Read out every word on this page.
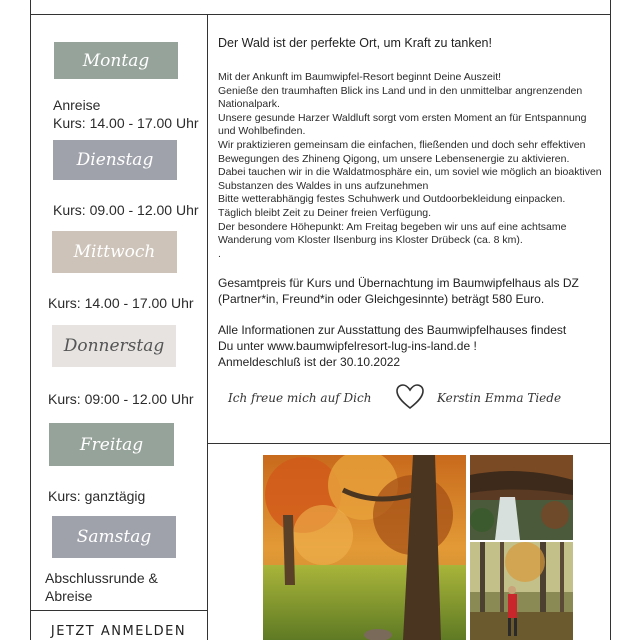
Montag
Anreise
Kurs: 14.00 - 17.00 Uhr
Dienstag
Kurs: 09.00 - 12.00 Uhr
Mittwoch
Kurs: 14.00 - 17.00 Uhr
Donnerstag
Kurs: 09:00 - 12.00 Uhr
Freitag
Kurs: ganztägig
Samstag
Abschlussrunde &
Abreise
JETZT ANMELDEN
Der Wald ist der perfekte Ort, um Kraft zu tanken!

Mit der Ankunft im Baumwipfel-Resort beginnt Deine Auszeit!

Genieße den traumhaften Blick ins Land und in den unmittelbar angrenzenden Nationalpark.

Unsere gesunde Harzer Waldluft sorgt vom ersten Moment an für Entspannung und Wohlbefinden.

Wir praktizieren gemeinsam die einfachen, fließenden und doch sehr effektiven Bewegungen des Zhineng Qigong, um unsere Lebensenergie zu aktivieren.

Dabei tauchen wir in die Waldatmosphäre ein, um soviel wie möglich an bioaktiven Substanzen des Waldes in uns aufzunehmen

Bitte wetterabhängig festes Schuhwerk und Outdoorbekleidung einpacken.

Täglich bleibt Zeit zu Deiner freien Verfügung.

Der besondere Höhepunkt: Am Freitag begeben wir uns auf eine achtsame Wanderung vom Kloster Ilsenburg ins Kloster Drübeck (ca. 8 km).

.

Gesamtpreis für Kurs und Übernachtung im Baumwipfelhaus als DZ (Partner*in, Freund*in oder Gleichgesinnte) beträgt 580 Euro.
Alle Informationen zur Ausstattung des Baumwipfelhauses findest
Du unter www.baumwipfelresort-lug-ins-land.de !
Anmeldeschluß ist der 30.10.2022
Ich freue mich auf Dich	Kerstin Emma Tiede
